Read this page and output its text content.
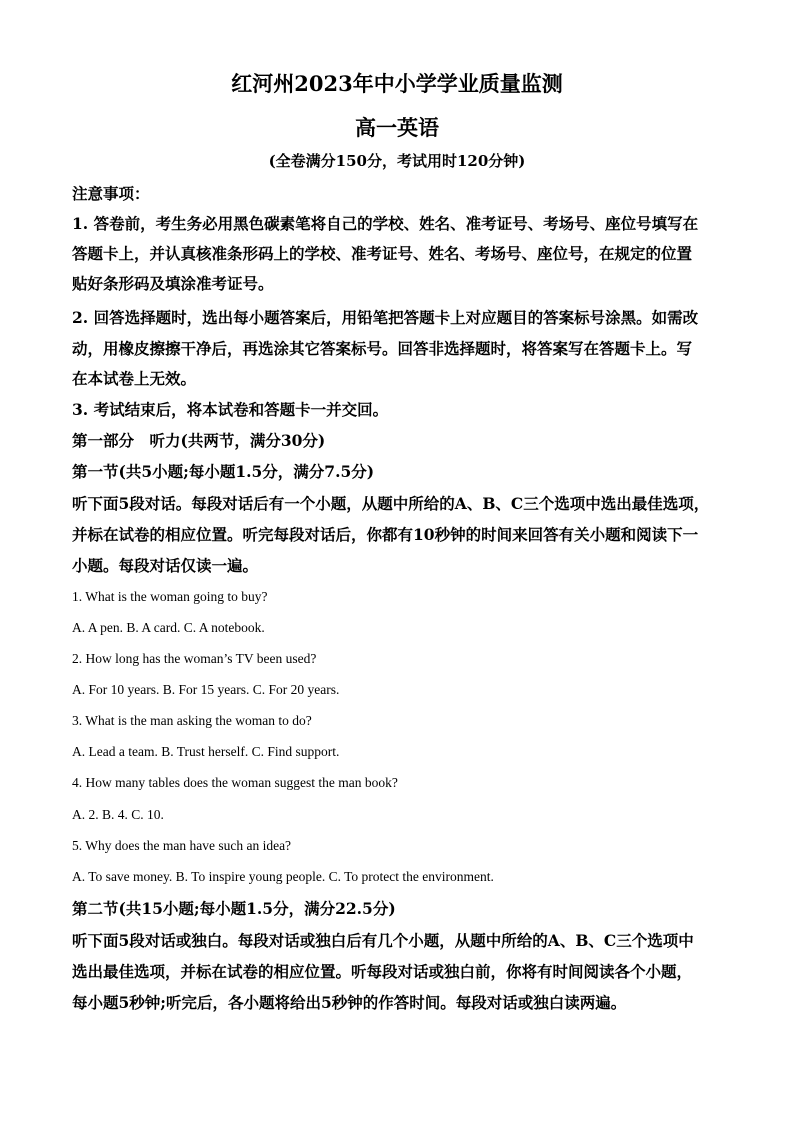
红河州2023年中小学学业质量监测
高一英语
(全卷满分150分，考试用时120分钟)
注意事项：
1. 答卷前，考生务必用黑色碳素笔将自己的学校、姓名、准考证号、考场号、座位号填写在
答题卡上，并认真核准条形码上的学校、准考证号、姓名、考场号、座位号，在规定的位置
贴好条形码及填涂准考证号。
2. 回答选择题时，选出每小题答案后，用铅笔把答题卡上对应题目的答案标号涂黑。如需改
动，用橡皮擦擦干净后，再选涂其它答案标号。回答非选择题时，将答案写在答题卡上。写
在本试卷上无效。
3. 考试结束后，将本试卷和答题卡一并交回。
第一部分　听力(共两节，满分30分)
第一节(共5小题;每小题1.5分，满分7.5分)
听下面5段对话。每段对话后有一个小题，从题中所给的A、B、C三个选项中选出最佳选项，
并标在试卷的相应位置。听完每段对话后，你都有10秒钟的时间来回答有关小题和阅读下一
小题。每段对话仅读一遍。
1. What is the woman going to buy?
A. A pen. B. A card. C. A notebook.
2. How long has the woman’s TV been used?
A. For 10 years. B. For 15 years. C. For 20 years.
3. What is the man asking the woman to do?
A. Lead a team. B. Trust herself. C. Find support.
4. How many tables does the woman suggest the man book?
A. 2. B. 4. C. 10.
5. Why does the man have such an idea?
A. To save money. B. To inspire young people. C. To protect the environment.
第二节(共15小题;每小题1.5分，满分22.5分)
听下面5段对话或独白。每段对话或独白后有几个小题，从题中所给的A、B、C三个选项中
选出最佳选项，并标在试卷的相应位置。听每段对话或独白前，你将有时间阅读各个小题，
每小题5秒钟;听完后，各小题将给出5秒钟的作答时间。每段对话或独白读两遍。
